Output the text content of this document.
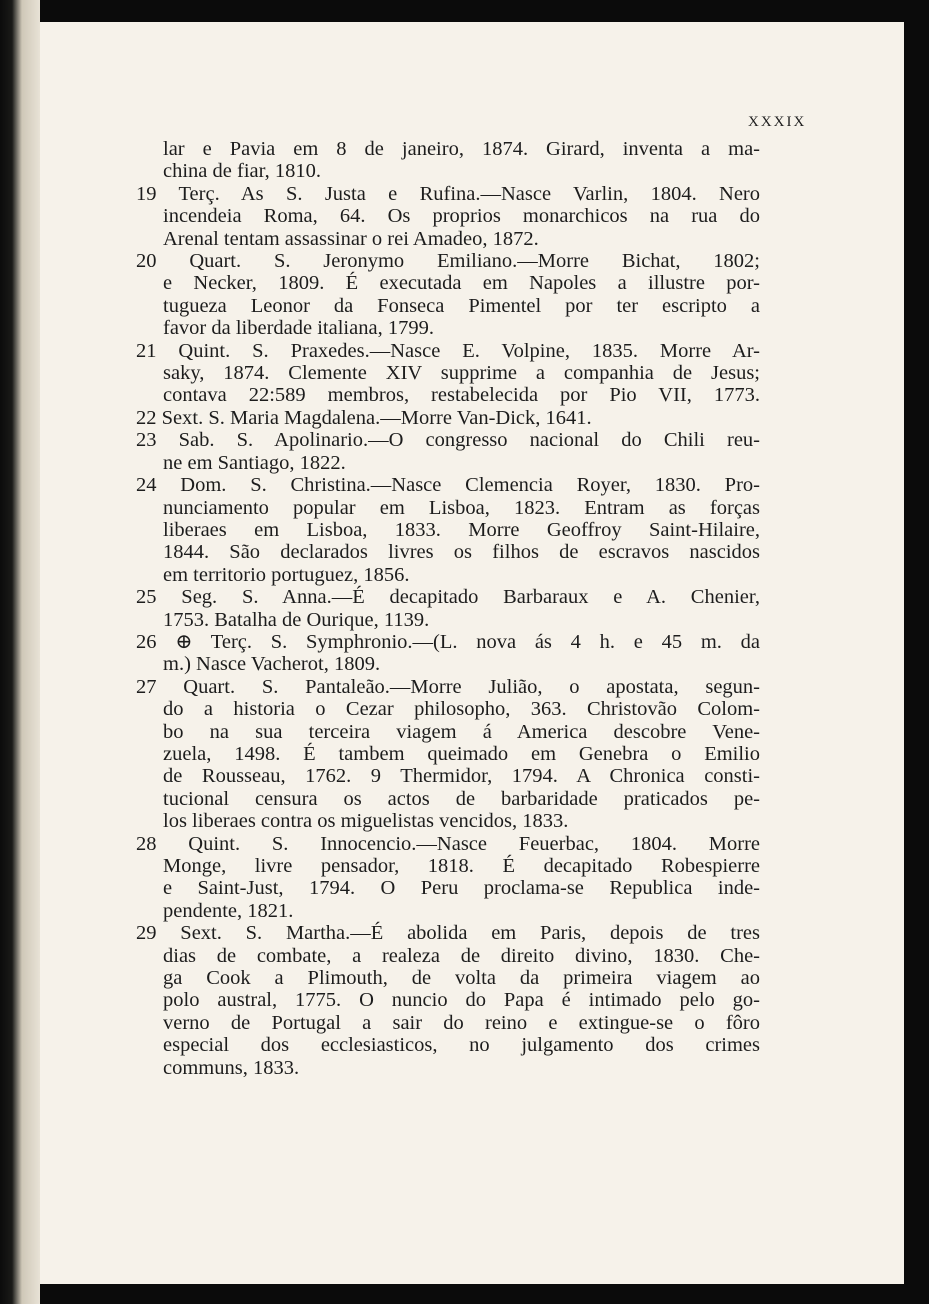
XXXIX

lar e Pavia em 8 de janeiro, 1874. Girard, inventa a ma-
china de fiar, 1810.

19 Terç. As S. Justa e Rufina.—Nasce Varlin, 1804. Nero
incendeia Roma, 64. Os proprios monarchicos na rua do
Arenal tentam assassinar o rei Amadeo, 1872.

20 Quart. S. Jeronymo Emiliano.—Morre Bichat, 1802;
e Necker, 1809. É executada em Napoles a illustre por-
tugueza Leonor da Fonseca Pimentel por ter escripto a
favor da liberdade italiana, 1799.

21 Quint. S. Praxedes.—Nasce E. Volpine, 1835. Morre Ar-
saky, 1874. Clemente XIV supprime a companhia de Jesus;
contava 22:589 membros, restabelecida por Pio VII, 1773.

22 Sext. S. Maria Magdalena.—Morre Van-Dick, 1641.

23 Sab. S. Apolinario.—O congresso nacional do Chili reu-
ne em Santiago, 1822.

24 Dom. S. Christina.—Nasce Clemencia Royer, 1830. Pro-
nunciamento popular em Lisboa, 1823. Entram as forças
liberaes em Lisboa, 1833. Morre Geoffroy Saint-Hilaire,
1844. São declarados livres os filhos de escravos nascidos
em territorio portuguez, 1856.

25 Seg. S. Anna.—É decapitado Barbaraux e A. Chenier,
1753. Batalha de Ourique, 1139.

26 ⊕ Terç. S. Symphronio.—(L. nova ás 4 h. e 45 m. da
m.) Nasce Vacherot, 1809.

27 Quart. S. Pantaleão.—Morre Julião, o apostata, segun-
do a historia o Cezar philosopho, 363. Christovão Colom-
bo na sua terceira viagem á America descobre Vene-
zuela, 1498. É tambem queimado em Genebra o Emilio
de Rousseau, 1762. 9 Thermidor, 1794. A Chronica consti-
tucional censura os actos de barbaridade praticados pe-
los liberaes contra os miguelistas vencidos, 1833.

28 Quint. S. Innocencio.—Nasce Feuerbac, 1804. Morre
Monge, livre pensador, 1818. É decapitado Robespierre
e Saint-Just, 1794. O Peru proclama-se Republica inde-
pendente, 1821.

29 Sext. S. Martha.—É abolida em Paris, depois de tres
dias de combate, a realeza de direito divino, 1830. Che-
ga Cook a Plimouth, de volta da primeira viagem ao
polo austral, 1775. O nuncio do Papa é intimado pelo go-
verno de Portugal a sair do reino e extingue-se o fôro
especial dos ecclesiasticos, no julgamento dos crimes
communs, 1833.
